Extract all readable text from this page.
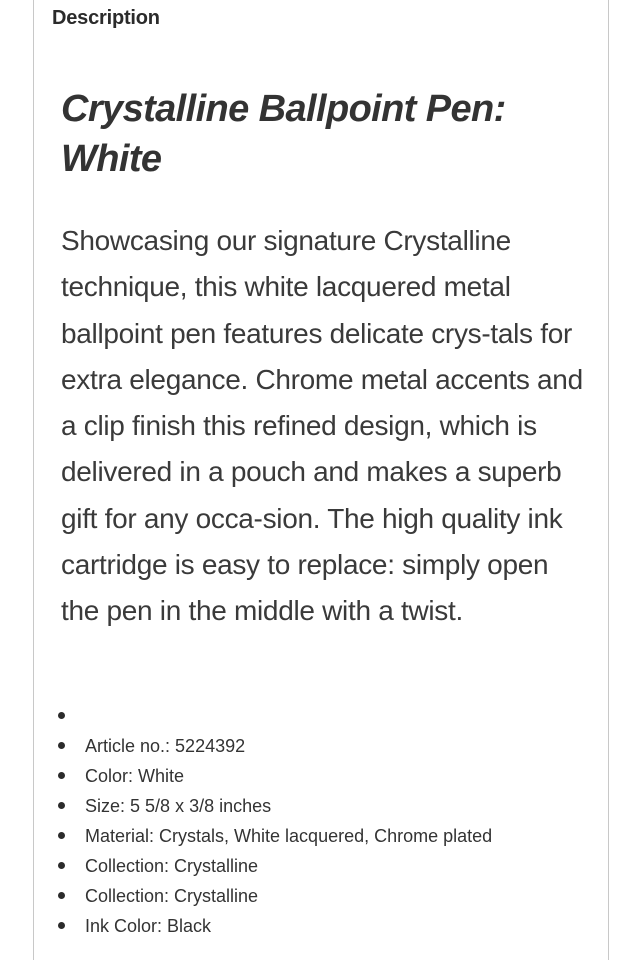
Description
Crystalline Ballpoint Pen: White

Showcasing our signature Crystalline technique, this white lacquered metal ballpoint pen features delicate crys-tals for extra elegance. Chrome metal accents and a clip finish this refined design, which is delivered in a pouch and makes a superb gift for any occa-sion. The high quality ink cartridge is easy to replace: simply open the pen in the middle with a twist.

Article no.: 5224392
Color: White
Size: 5 5/8 x 3/8 inches
Material: Crystals, White lacquered, Chrome plated
Collection: Crystalline
Collection: Crystalline
Ink Color: Black
